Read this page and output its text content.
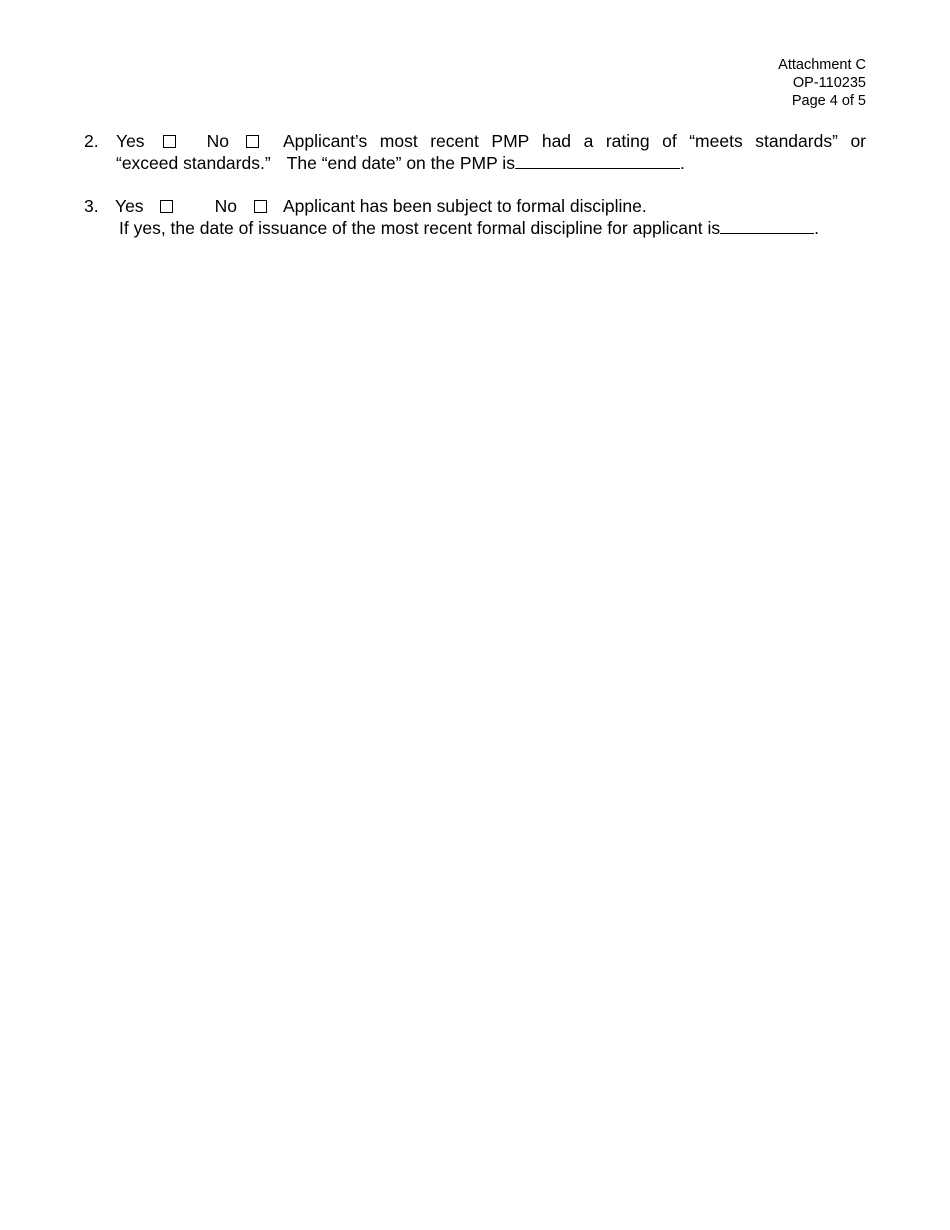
Attachment C
OP-110235
Page 4 of 5
2. Yes	No	Applicant’s most recent PMP had a rating of “meets standards” or
“exceed standards.” The “end date” on the PMP is	.
3. Yes	No	Applicant has been subject to formal discipline.
If yes, the date of issuance of the most recent formal discipline for applicant is	.
